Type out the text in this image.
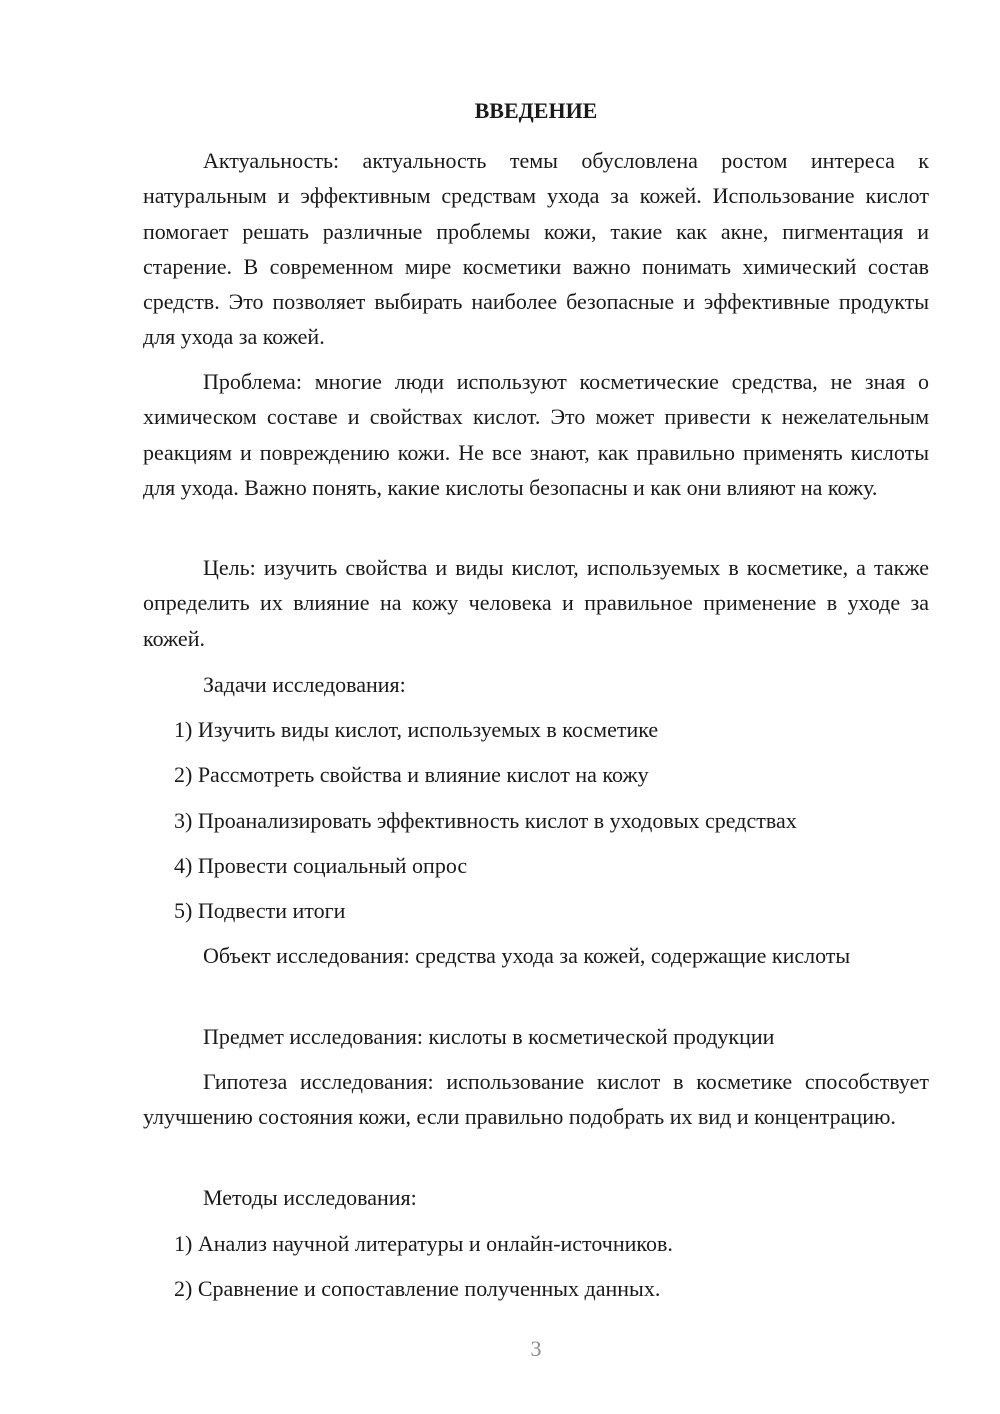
ВВЕДЕНИЕ

Актуальность: актуальность темы обусловлена ростом интереса к натуральным и эффективным средствам ухода за кожей. Использование кислот помогает решать различные проблемы кожи, такие как акне, пигментация и старение. В современном мире косметики важно понимать химический состав средств. Это позволяет выбирать наиболее безопасные и эффективные продукты для ухода за кожей.

Проблема: многие люди используют косметические средства, не зная о химическом составе и свойствах кислот. Это может привести к нежелательным реакциям и повреждению кожи. Не все знают, как правильно применять кислоты для ухода. Важно понять, какие кислоты безопасны и как они влияют на кожу.

Цель: изучить свойства и виды кислот, используемых в косметике, а также определить их влияние на кожу человека и правильное применение в уходе за кожей.

Задачи исследования:
1) Изучить виды кислот, используемых в косметике
2) Рассмотреть свойства и влияние кислот на кожу
3) Проанализировать эффективность кислот в уходовых средствах
4) Провести социальный опрос
5) Подвести итоги

Объект исследования: средства ухода за кожей, содержащие кислоты

Предмет исследования: кислоты в косметической продукции

Гипотеза исследования: использование кислот в косметике способствует улучшению состояния кожи, если правильно подобрать их вид и концентрацию.

Методы исследования:
1) Анализ научной литературы и онлайн-источников.
2) Сравнение и сопоставление полученных данных.
3
